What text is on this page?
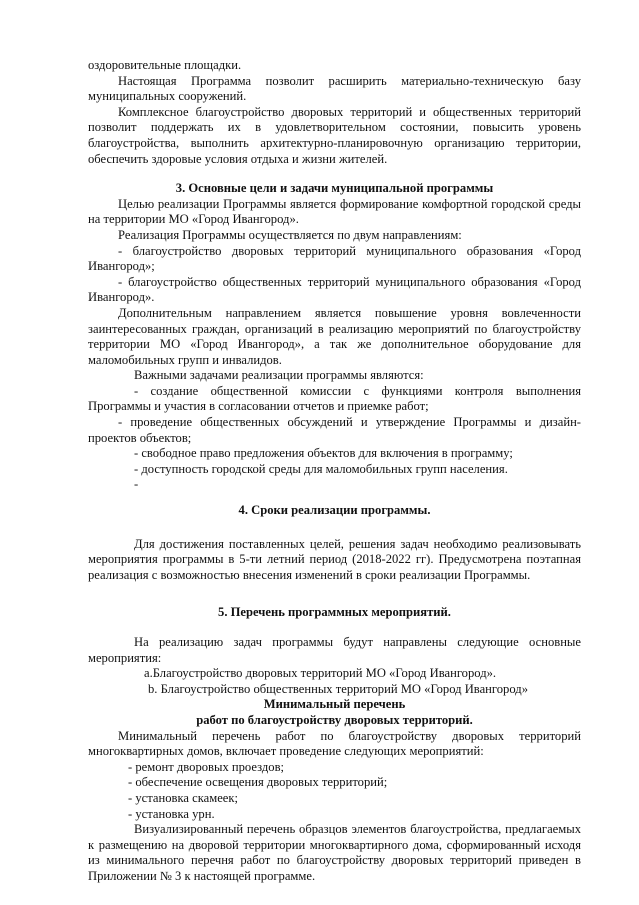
оздоровительные площадки.

Настоящая Программа позволит расширить материально-техническую базу муниципальных сооружений.

Комплексное благоустройство дворовых территорий и общественных территорий позволит поддержать их в удовлетворительном состоянии, повысить уровень благоустройства, выполнить архитектурно-планировочную организацию территории, обеспечить здоровые условия отдыха и жизни жителей.

3. Основные цели и задачи муниципальной программы

Целью реализации Программы является формирование комфортной городской среды на территории МО «Город Ивангород».

Реализация Программы осуществляется по двум направлениям:

- благоустройство дворовых территорий муниципального образования «Город Ивангород»;

- благоустройство общественных территорий муниципального образования «Город Ивангород».

Дополнительным направлением является повышение уровня вовлеченности заинтересованных граждан, организаций в реализацию мероприятий по благоустройству территории МО «Город Ивангород», а так же дополнительное оборудование для маломобильных групп и инвалидов.

Важными задачами реализации программы являются:

- создание общественной комиссии с функциями контроля выполнения Программы и участия в согласовании отчетов и приемке работ;

- проведение общественных обсуждений и утверждение Программы и дизайн-проектов объектов;

- свободное право предложения объектов для включения в программу;
- доступность городской среды для маломобильных групп населения.
-
4. Сроки реализации программы.

Для достижения поставленных целей, решения задач необходимо реализовывать мероприятия программы в 5-ти летний период (2018-2022 гг). Предусмотрена поэтапная реализация с возможностью внесения изменений в сроки реализации Программы.

5. Перечень программных мероприятий.

На реализацию задач программы будут направлены следующие основные мероприятия:

a.Благоустройство дворовых территорий МО «Город Ивангород».
b. Благоустройство общественных территорий МО «Город Ивангород»
Минимальный перечень
работ по благоустройству дворовых территорий.

Минимальный перечень работ по благоустройству дворовых территорий многоквартирных домов, включает проведение следующих мероприятий:

- ремонт дворовых проездов;
- обеспечение освещения дворовых территорий;
- установка скамеек;
- установка урн.

Визуализированный перечень образцов элементов благоустройства, предлагаемых к размещению на дворовой территории многоквартирного дома, сформированный исходя из минимального перечня работ по благоустройству дворовых территорий приведен в Приложении № 3 к настоящей программе.
